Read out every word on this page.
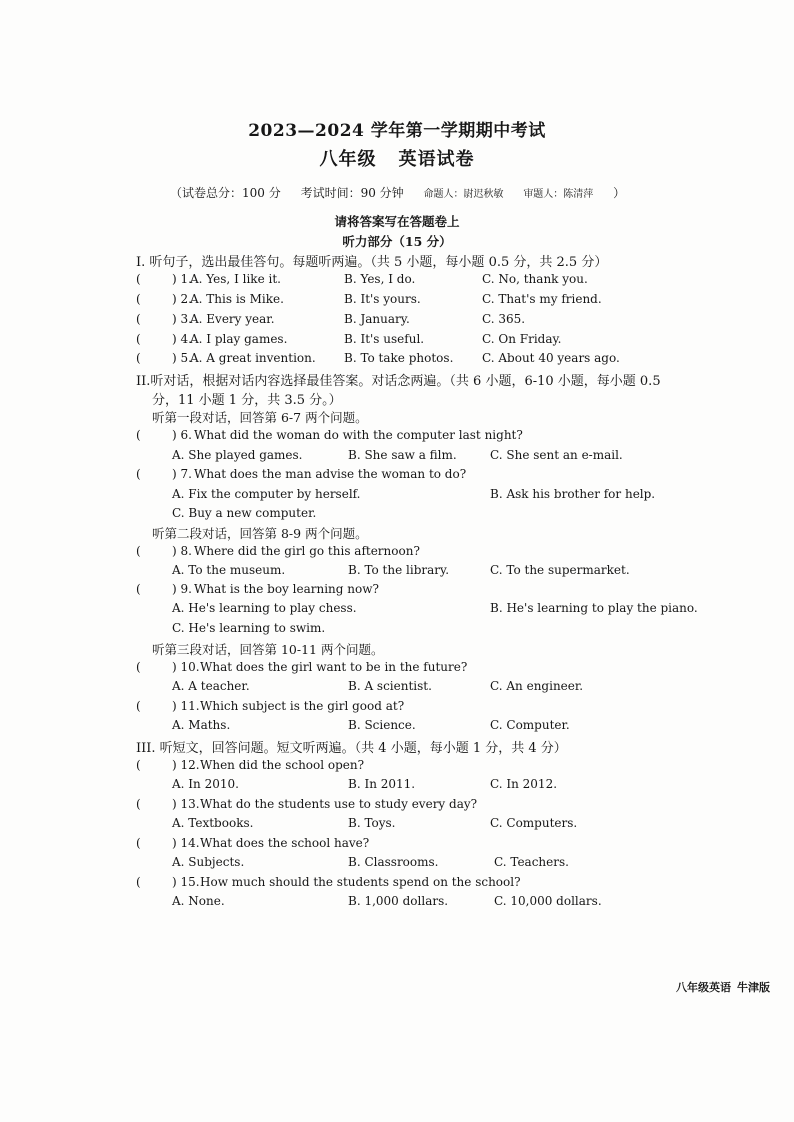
2023—2024 学年第一学期期中考试
八年级 英语试卷
（试卷总分：100 分 考试时间：90 分钟 命题人：尉迟秋敏 审题人：陈清萍 ）
请将答案写在答题卷上
听力部分（15 分）
I. 听句子，选出最佳答句。每题听两遍。（共 5 小题，每小题 0.5 分，共 2.5 分）
(	) 1.
A. Yes, I like it.	B. Yes, I do.	C. No, thank you.
(	) 2.
A. This is Mike.	B. It's yours.	C. That's my friend.
(	) 3.
A. Every year.	B. January.	C. 365.
(	) 4.
A. I play games.	B. It's useful.	C. On Friday.
(	) 5.
A. A great invention. B. To take photos. C. About 40 years ago.
II.听对话，根据对话内容选择最佳答案。对话念两遍。（共 6 小题，6-10 小题，每小题 0.5
分，11 小题 1 分，共 3.5 分。）
听第一段对话，回答第 6-7 两个问题。
(	) 6. What did the woman do with the computer last night?
A. She played games.	B. She saw a film.	C. She sent an e-mail.
(	) 7. What does the man advise the woman to do?
A. Fix the computer by herself.	B. Ask his brother for help.
C. Buy a new computer.
听第二段对话，回答第 8-9 两个问题。
(	) 8. Where did the girl go this afternoon?
A. To the museum.	B. To the library.	C. To the supermarket.
(	) 9. What is the boy learning now?
A. He's learning to play chess.	B. He's learning to play the piano.
C. He's learning to swim.
听第三段对话，回答第 10-11 两个问题。
(	) 10. What does the girl want to be in the future?
A. A teacher.	B. A scientist.	C. An engineer.
(	) 11. Which subject is the girl good at?
A. Maths.	B. Science.	C. Computer.
III. 听短文，回答问题。短文听两遍。（共 4 小题，每小题 1 分，共 4 分）
(	) 12. When did the school open?
A. In 2010.	B. In 2011.	C. In 2012.
(	) 13. What do the students use to study every day?
A. Textbooks.	B. Toys.	C. Computers.
(	) 14. What does the school have?
A. Subjects.	B. Classrooms.	C. Teachers.
(	) 15. How much should the students spend on the school?
A. None.	B. 1,000 dollars.	C. 10,000 dollars.
八年级英语 牛津版
